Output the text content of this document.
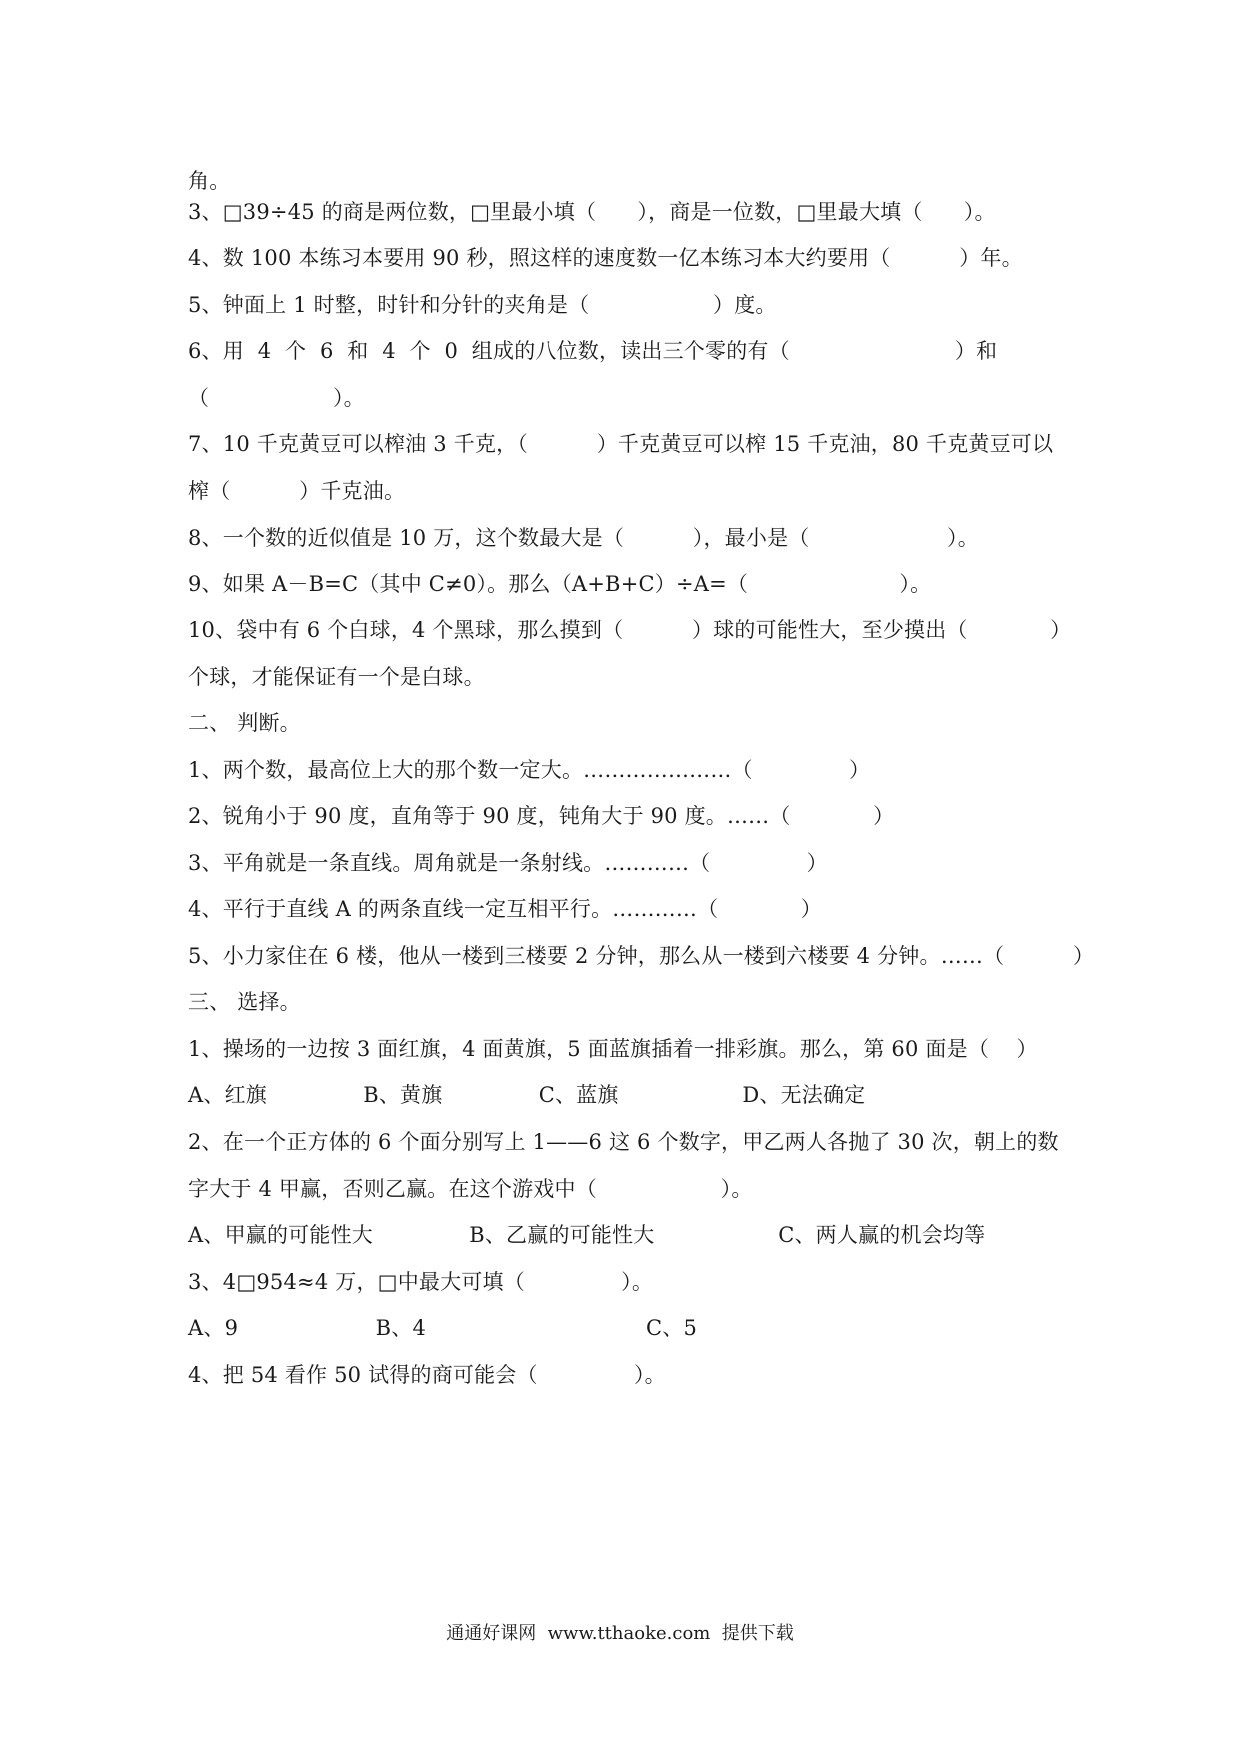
角。
3、□39÷45 的商是两位数，□里最小填（      ），商是一位数，□里最大填（      ）。
4、数 100 本练习本要用 90 秒，照这样的速度数一亿本练习本大约要用（          ）年。
5、钟面上 1 时整，时针和分针的夹角是（                  ）度。
6、用  4  个  6  和  4  个  0  组成的八位数，读出三个零的有（                        ）和
（                  ）。
7、10 千克黄豆可以榨油 3 千克，（          ）千克黄豆可以榨 15 千克油，80 千克黄豆可以
榨（          ）千克油。
8、一个数的近似值是 10 万，这个数最大是（          ），最小是（                    ）。
9、如果 A－B=C（其中 C≠0）。那么（A+B+C）÷A=（                      ）。
10、袋中有 6 个白球，4 个黑球，那么摸到（          ）球的可能性大，至少摸出（            ）
个球，才能保证有一个是白球。
二、 判断。
1、两个数，最高位上大的那个数一定大。…………………（              ）
2、锐角小于 90 度，直角等于 90 度，钝角大于 90 度。……（            ）
3、平角就是一条直线。周角就是一条射线。…………（              ）
4、平行于直线 A 的两条直线一定互相平行。…………（            ）
5、小力家住在 6 楼，他从一楼到三楼要 2 分钟，那么从一楼到六楼要 4 分钟。……（          ）
三、 选择。
1、操场的一边按 3 面红旗，4 面黄旗，5 面蓝旗插着一排彩旗。那么，第 60 面是（    ）
A、红旗              B、黄旗              C、蓝旗                  D、无法确定
2、在一个正方体的 6 个面分别写上 1——6 这 6 个数字，甲乙两人各抛了 30 次，朝上的数
字大于 4 甲赢，否则乙赢。在这个游戏中（                  ）。
A、甲赢的可能性大              B、乙赢的可能性大                  C、两人赢的机会均等
3、4□954≈4 万，□中最大可填（              ）。
A、9                    B、4                                C、5
4、把 54 看作 50 试得的商可能会（              ）。
通通好课网  www.tthaoke.com  提供下载
